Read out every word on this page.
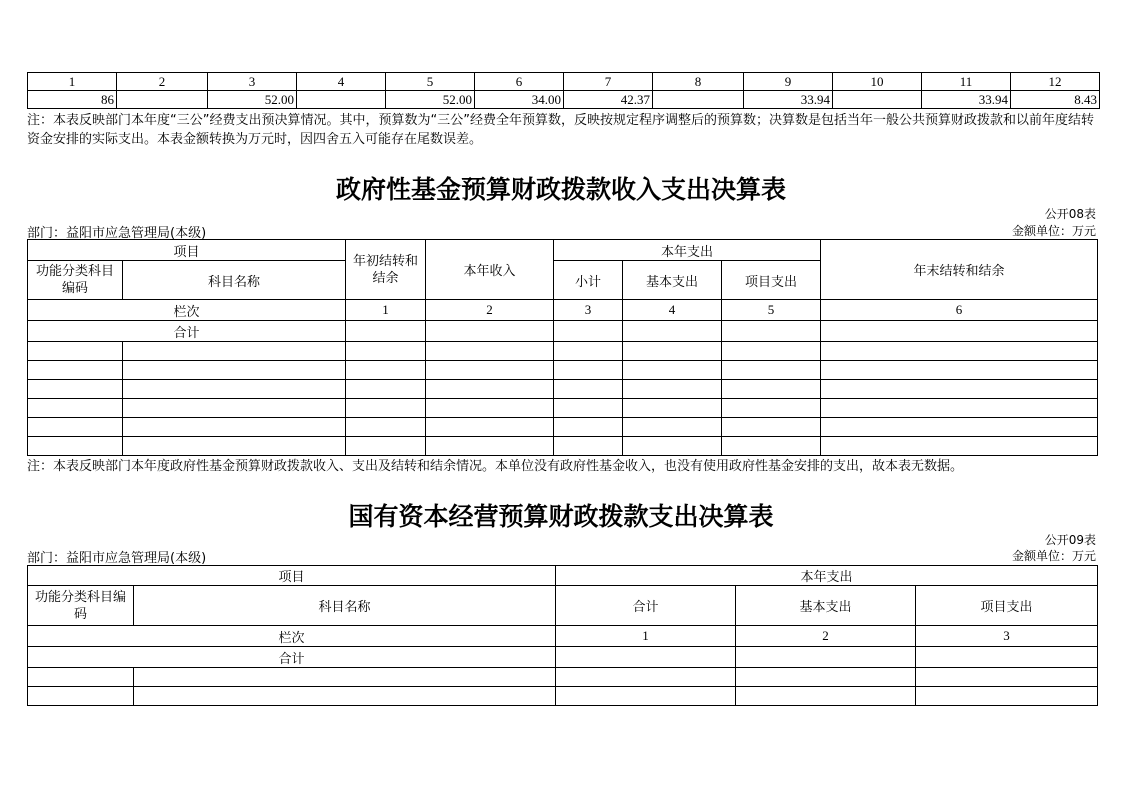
1	2	3	4	5	6	7	8	9	10	11	12
86		52.00		52.00	34.00	42.37		33.94		33.94	8.43
注：本表反映部门本年度“三公”经费支出预决算情况。其中，预算数为“三公”经费全年预算数，反映按规定程序调整后的预算数；决算数是包括当年一般公共预算财政拨款和以前年度结转资金安排的实际支出。本表金额转换为万元时，因四舍五入可能存在尾数误差。
政府性基金预算财政拨款收入支出决算表
公开08表
部门：益阳市应急管理局(本级)	金额单位：万元
项目		年初结转和结余	本年收入	本年支出			年末结转和结余
功能分类科目编码	科目名称			小计	基本支出	项目支出	
栏次		1	2	3	4	5	6
合计							

注：本表反映部门本年度政府性基金预算财政拨款收入、支出及结转和结余情况。本单位没有政府性基金收入，也没有使用政府性基金安排的支出，故本表无数据。
国有资本经营预算财政拨款支出决算表
公开09表
部门：益阳市应急管理局(本级)	金额单位：万元
项目		本年支出		
功能分类科目编码	科目名称	合计	基本支出	项目支出
栏次		1	2	3
合计				
